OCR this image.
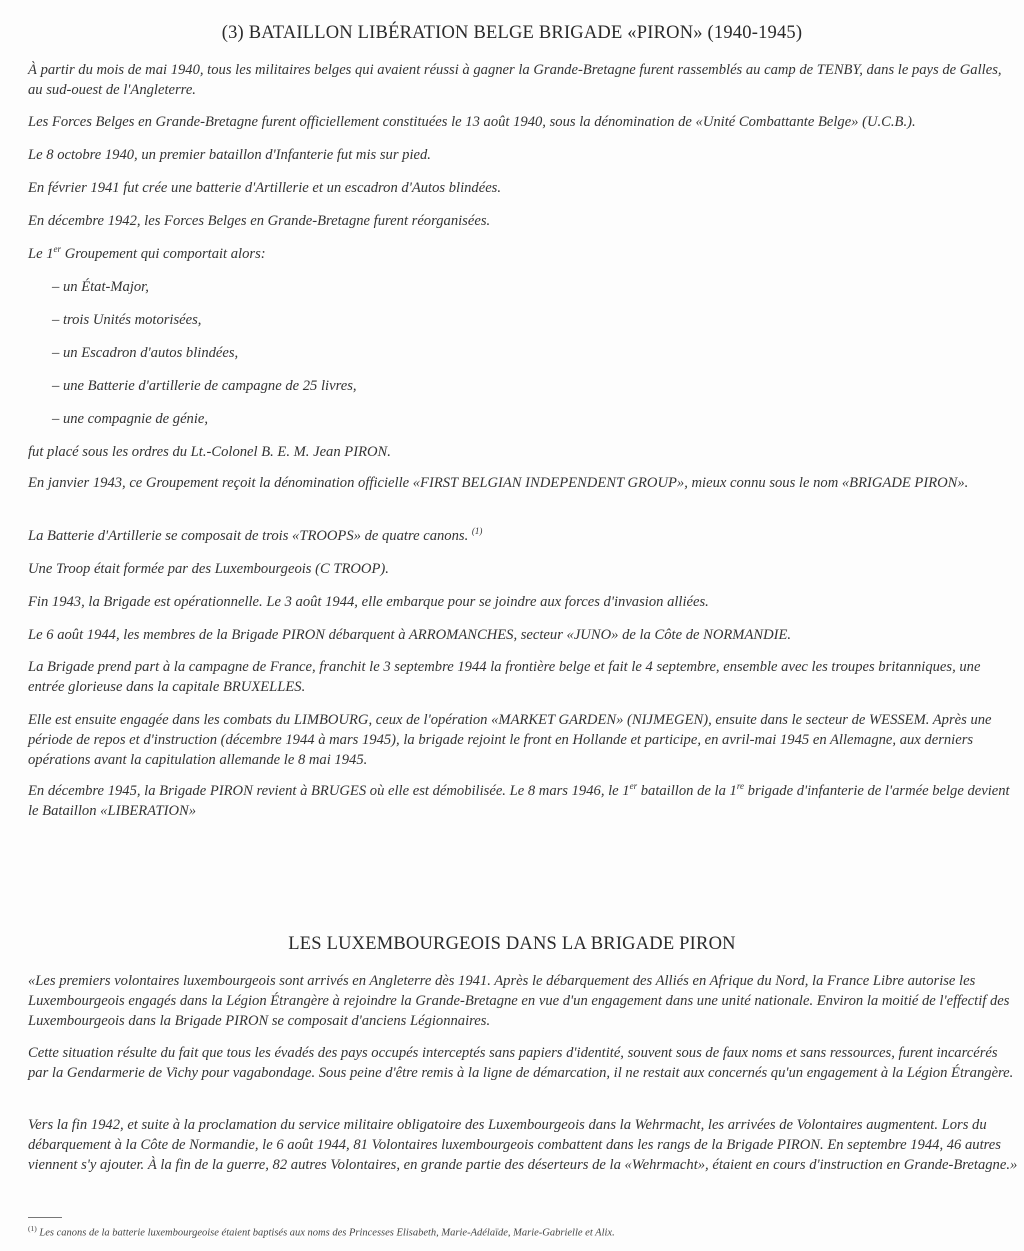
(3) BATAILLON LIBÉRATION BELGE BRIGADE «PIRON» (1940-1945)

À partir du mois de mai 1940, tous les militaires belges qui avaient réussi à gagner la Grande-Bretagne furent rassemblés au camp de TENBY, dans le pays de Galles, au sud-ouest de l'Angleterre.

Les Forces Belges en Grande-Bretagne furent officiellement constituées le 13 août 1940, sous la dénomination de «Unité Combattante Belge» (U.C.B.).

Le 8 octobre 1940, un premier bataillon d'Infanterie fut mis sur pied.

En février 1941 fut crée une batterie d'Artillerie et un escadron d'Autos blindées.

En décembre 1942, les Forces Belges en Grande-Bretagne furent réorganisées.

Le 1er Groupement qui comportait alors:

– un État-Major,

– trois Unités motorisées,

– un Escadron d'autos blindées,

– une Batterie d'artillerie de campagne de 25 livres,

– une compagnie de génie,

fut placé sous les ordres du Lt.-Colonel B. E. M. Jean PIRON.

En janvier 1943, ce Groupement reçoit la dénomination officielle «FIRST BELGIAN INDEPENDENT GROUP», mieux connu sous le nom «BRIGADE PIRON».

La Batterie d'Artillerie se composait de trois «TROOPS» de quatre canons. $^{(1)}$

Une Troop était formée par des Luxembourgeois (C TROOP).

Fin 1943, la Brigade est opérationnelle. Le 3 août 1944, elle embarque pour se joindre aux forces d'invasion alliées.

Le 6 août 1944, les membres de la Brigade PIRON débarquent à ARROMANCHES, secteur «JUNO» de la Côte de NORMANDIE.

La Brigade prend part à la campagne de France, franchit le 3 septembre 1944 la frontière belge et fait le 4 septembre, ensemble avec les troupes britanniques, une entrée glorieuse dans la capitale BRUXELLES.

Elle est ensuite engagée dans les combats du LIMBOURG, ceux de l'opération «MARKET GARDEN» (NIJMEGEN), ensuite dans le secteur de WESSEM. Après une période de repos et d'instruction (décembre 1944 à mars 1945), la brigade rejoint le front en Hollande et participe, en avril-mai 1945 en Allemagne, aux derniers opérations avant la capitulation allemande le 8 mai 1945.

En décembre 1945, la Brigade PIRON revient à BRUGES où elle est démobilisée. Le 8 mars 1946, le 1er bataillon de la 1re brigade d'infanterie de l'armée belge devient le Bataillon «LIBERATION»

LES LUXEMBOURGEOIS DANS LA BRIGADE PIRON

«Les premiers volontaires luxembourgeois sont arrivés en Angleterre dès 1941. Après le débarquement des Alliés en Afrique du Nord, la France Libre autorise les Luxembourgeois engagés dans la Légion Étrangère à rejoindre la Grande-Bretagne en vue d'un engagement dans une unité nationale. Environ la moitié de l'effectif des Luxembourgeois dans la Brigade PIRON se composait d'anciens Légionnaires.

Cette situation résulte du fait que tous les évadés des pays occupés interceptés sans papiers d'identité, souvent sous de faux noms et sans ressources, furent incarcérés par la Gendarmerie de Vichy pour vagabondage. Sous peine d'être remis à la ligne de démarcation, il ne restait aux concernés qu'un engagement à la Légion Étrangère.

Vers la fin 1942, et suite à la proclamation du service militaire obligatoire des Luxembourgeois dans la Wehrmacht, les arrivées de Volontaires augmentent. Lors du débarquement à la Côte de Normandie, le 6 août 1944, 81 Volontaires luxembourgeois combattent dans les rangs de la Brigade PIRON. En septembre 1944, 46 autres viennent s'y ajouter. À la fin de la guerre, 82 autres Volontaires, en grande partie des déserteurs de la «Wehrmacht», étaient en cours d'instruction en Grande-Bretagne.»

$^{(1)}$ Les canons de la batterie luxembourgeoise étaient baptisés aux noms des Princesses Elisabeth, Marie-Adélaïde, Marie-Gabrielle et Alix.
